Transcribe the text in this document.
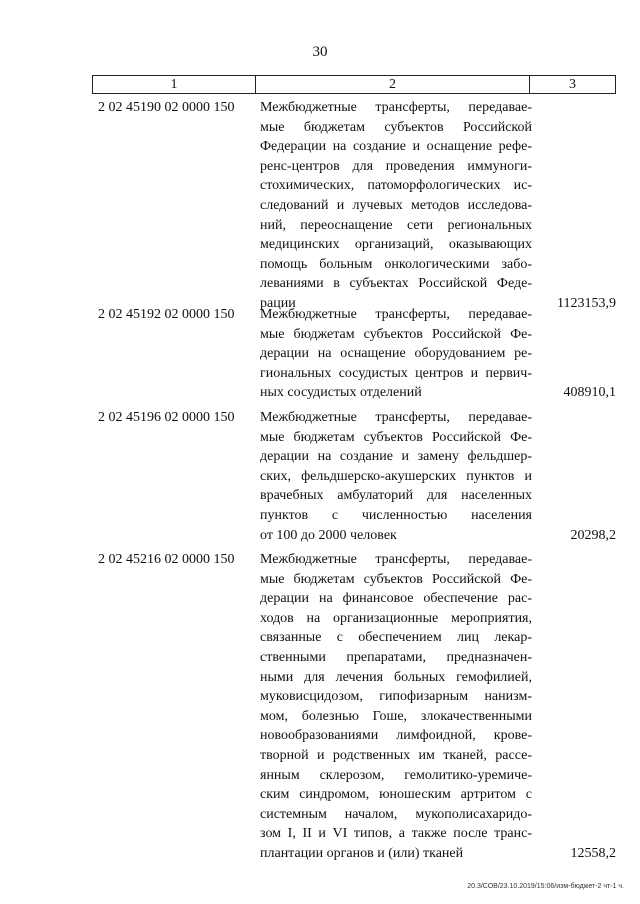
30
1	2	3
2 02 45190 02 0000 150 Межбюджетные трансферты, передавае-
мые бюджетам субъектов Российской
Федерации на создание и оснащение рефе-
ренс-центров для проведения иммуноги-
стохимических, патоморфологических ис-
следований и лучевых методов исследова-
ний, переоснащение сети региональных
медицинских организаций, оказывающих
помощь больным онкологическими забо-
леваниями в субъектах Российской Феде-
рации	1123153,9
2 02 45192 02 0000 150 Межбюджетные трансферты, передавае-
мые бюджетам субъектов Российской Фе-
дерации на оснащение оборудованием ре-
гиональных сосудистых центров и первич-
ных сосудистых отделений	408910,1
2 02 45196 02 0000 150 Межбюджетные трансферты, передавае-
мые бюджетам субъектов Российской Фе-
дерации на создание и замену фельдшер-
ских, фельдшерско-акушерских пунктов и
врачебных амбулаторий для населенных
пунктов с численностью населения
от 100 до 2000 человек	20298,2
2 02 45216 02 0000 150 Межбюджетные трансферты, передавае-
мые бюджетам субъектов Российской Фе-
дерации на финансовое обеспечение рас-
ходов на организационные мероприятия,
связанные с обеспечением лиц лекар-
ственными препаратами, предназначен-
ными для лечения больных гемофилией,
муковисцидозом, гипофизарным нанизм-
мом, болезнью Гоше, злокачественными
новообразованиями лимфоидной, крове-
творной и родственных им тканей, рассе-
янным склерозом, гемолитико-уремиче-
ским синдромом, юношеским артритом с
системным началом, мукополисахаридо-
зом I, II и VI типов, а также после транс-
плантации органов и (или) тканей	12558,2
20.3/СОВ/23.10.2019/15:06/изм-бюджет-2 чт-1 ч.
